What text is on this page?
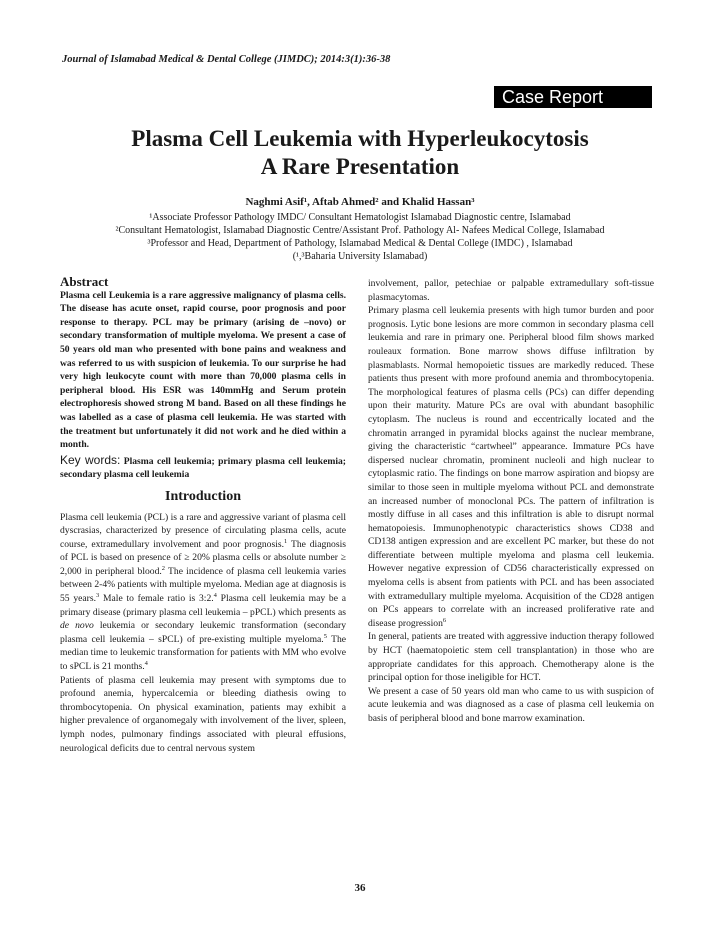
Journal of Islamabad Medical & Dental College (JIMDC); 2014:3(1):36-38
Case Report
Plasma Cell Leukemia with Hyperleukocytosis
A Rare Presentation
Naghmi Asif¹, Aftab Ahmed² and Khalid Hassan³
¹Associate Professor Pathology IMDC/ Consultant Hematologist Islamabad Diagnostic centre, Islamabad
²Consultant Hematologist, Islamabad Diagnostic Centre/Assistant Prof. Pathology Al- Nafees Medical College, Islamabad
³Professor and Head, Department of Pathology, Islamabad Medical & Dental College (IMDC) , Islamabad
(¹,³Baharia University Islamabad)

Abstract

Plasma cell Leukemia is a rare aggressive malignancy of plasma cells. The disease has acute onset, rapid course, poor prognosis and poor response to therapy. PCL may be primary (arising de –novo) or secondary transformation of multiple myeloma. We present a case of 50 years old man who presented with bone pains and weakness and was referred to us with suspicion of leukemia. To our surprise he had very high leukocyte count with more than 70,000 plasma cells in peripheral blood. His ESR was 140mmHg and Serum protein electrophoresis showed strong M band. Based on all these findings he was labelled as a case of plasma cell leukemia. He was started with the treatment but unfortunately it did not work and he died within a month.

Key words: Plasma cell leukemia; primary plasma cell leukemia; secondary plasma cell leukemia

Introduction

Plasma cell leukemia (PCL) is a rare and aggressive variant of plasma cell dyscrasias, characterized by presence of circulating plasma cells, acute course, extramedullary involvement and poor prognosis.$^1$ The diagnosis of PCL is based on presence of ≥ 20% plasma cells or absolute number ≥ 2,000 in peripheral blood.$^2$ The incidence of plasma cell leukemia varies between 2-4% patients with multiple myeloma. Median age at diagnosis is 55 years.$^3$ Male to female ratio is 3:2.$^4$ Plasma cell leukemia may be a primary disease (primary plasma cell leukemia – pPCL) which presents as de novo leukemia or secondary leukemic transformation (secondary plasma cell leukemia – sPCL) of pre-existing multiple myeloma.$^5$ The median time to leukemic transformation for patients with MM who evolve to sPCL is 21 months.$^4$

Patients of plasma cell leukemia may present with symptoms due to profound anemia, hypercalcemia or bleeding diathesis owing to thrombocytopenia. On physical examination, patients may exhibit a higher prevalence of organomegaly with involvement of the liver, spleen, lymph nodes, pulmonary findings associated with pleural effusions, neurological deficits due to central nervous system

involvement, pallor, petechiae or palpable extramedullary soft-tissue plasmacytomas.

Primary plasma cell leukemia presents with high tumor burden and poor prognosis. Lytic bone lesions are more common in secondary plasma cell leukemia and rare in primary one. Peripheral blood film shows marked rouleaux formation. Bone marrow shows diffuse infiltration by plasmablasts. Normal hemopoietic tissues are markedly reduced. These patients thus present with more profound anemia and thrombocytopenia. The morphological features of plasma cells (PCs) can differ depending upon their maturity. Mature PCs are oval with abundant basophilic cytoplasm. The nucleus is round and eccentrically located and the chromatin arranged in pyramidal blocks against the nuclear membrane, giving the characteristic “cartwheel” appearance. Immature PCs have dispersed nuclear chromatin, prominent nucleoli and high nuclear to cytoplasmic ratio. The findings on bone marrow aspiration and biopsy are similar to those seen in multiple myeloma without PCL and demonstrate an increased number of monoclonal PCs. The pattern of infiltration is mostly diffuse in all cases and this infiltration is able to disrupt normal hematopoiesis. Immunophenotypic characteristics shows CD38 and CD138 antigen expression and are excellent PC marker, but these do not differentiate between multiple myeloma and plasma cell leukemia. However negative expression of CD56 characteristically expressed on myeloma cells is absent from patients with PCL and has been associated with extramedullary multiple myeloma. Acquisition of the CD28 antigen on PCs appears to correlate with an increased proliferative rate and disease progression$^6$

In general, patients are treated with aggressive induction therapy followed by HCT (haematopoietic stem cell transplantation) in those who are appropriate candidates for this approach. Chemotherapy alone is the principal option for those ineligible for HCT.

We present a case of 50 years old man who came to us with suspicion of acute leukemia and was diagnosed as a case of plasma cell leukemia on basis of peripheral blood and bone marrow examination.

36
